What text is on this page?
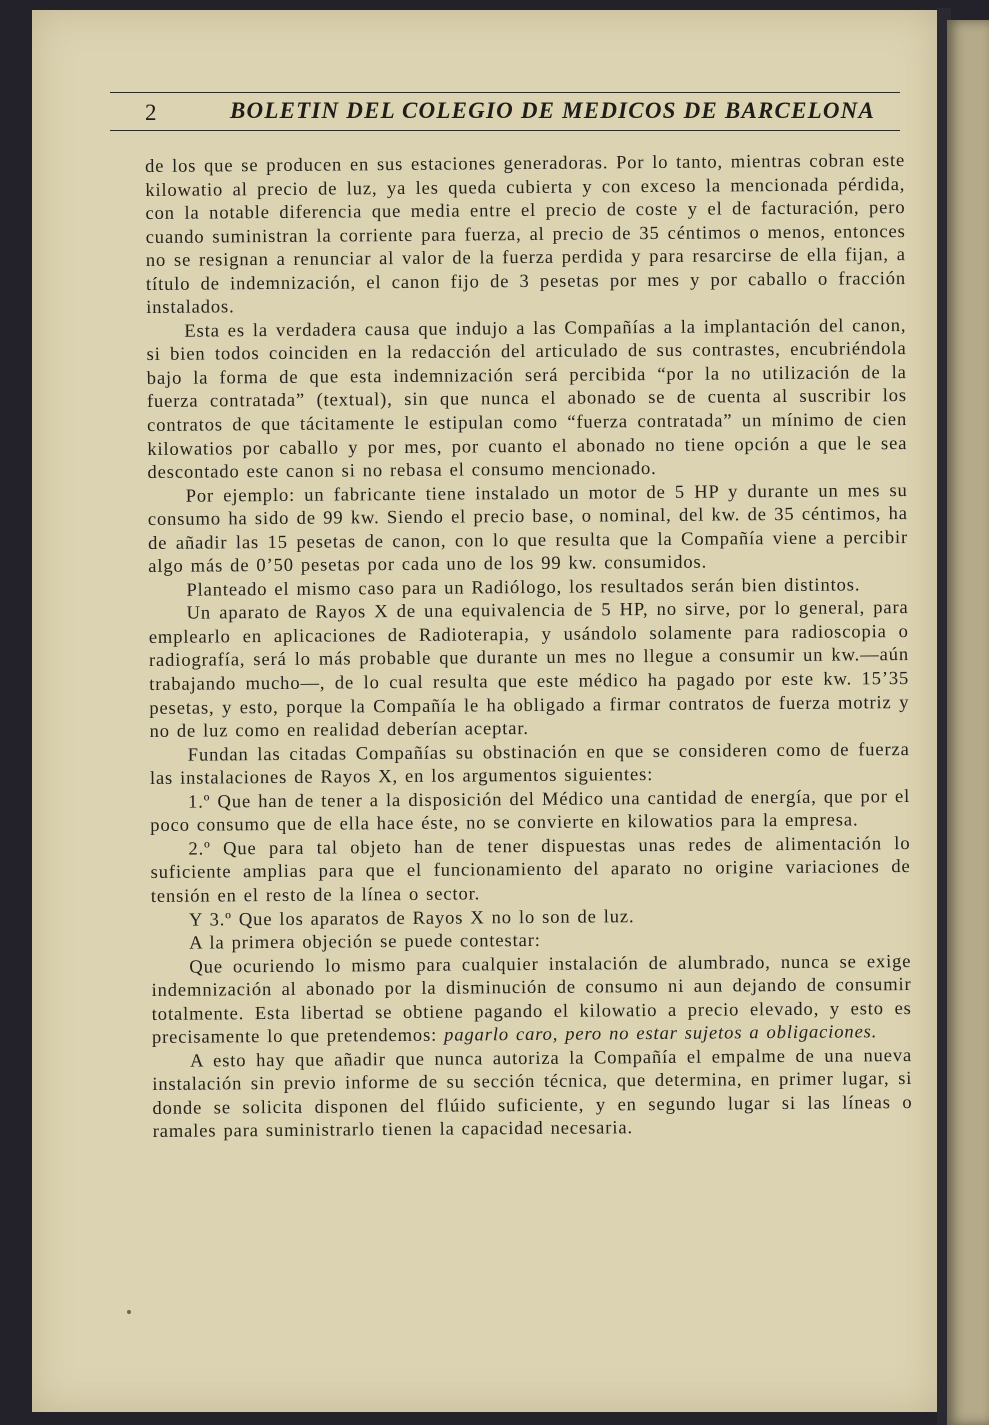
2	BOLETIN DEL COLEGIO DE MEDICOS DE BARCELONA

de los que se producen en sus estaciones generadoras. Por lo tanto, mientras cobran este kilowatio al precio de luz, ya les queda cubierta y con exceso la mencionada pérdida, con la notable diferencia que media entre el precio de coste y el de facturación, pero cuando suministran la corriente para fuerza, al precio de 35 céntimos o menos, entonces no se resignan a renunciar al valor de la fuerza perdida y para resarcirse de ella fijan, a título de indemnización, el canon fijo de 3 pesetas por mes y por caballo o fracción instalados.

Esta es la verdadera causa que indujo a las Compañías a la implantación del canon, si bien todos coinciden en la redacción del articulado de sus contrastes, encubriéndola bajo la forma de que esta indemnización será percibida “por la no utilización de la fuerza contratada” (textual), sin que nunca el abonado se de cuenta al suscribir los contratos de que tácitamente le estipulan como “fuerza contratada” un mínimo de cien kilowatios por caballo y por mes, por cuanto el abonado no tiene opción a que le sea descontado este canon si no rebasa el consumo mencionado.

Por ejemplo: un fabricante tiene instalado un motor de 5 HP y durante un mes su consumo ha sido de 99 kw. Siendo el precio base, o nominal, del kw. de 35 céntimos, ha de añadir las 15 pesetas de canon, con lo que resulta que la Compañía viene a percibir algo más de 0’50 pesetas por cada uno de los 99 kw. consumidos.

Planteado el mismo caso para un Radiólogo, los resultados serán bien distintos.

Un aparato de Rayos X de una equivalencia de 5 HP, no sirve, por lo general, para emplearlo en aplicaciones de Radioterapia, y usándolo solamente para radioscopia o radiografía, será lo más probable que durante un mes no llegue a consumir un kw.—aún trabajando mucho—, de lo cual resulta que este médico ha pagado por este kw. 15’35 pesetas, y esto, porque la Compañía le ha obligado a firmar contratos de fuerza motriz y no de luz como en realidad deberían aceptar.

Fundan las citadas Compañías su obstinación en que se consideren como de fuerza las instalaciones de Rayos X, en los argumentos siguientes:

1.º Que han de tener a la disposición del Médico una cantidad de energía, que por el poco consumo que de ella hace éste, no se convierte en kilowatios para la empresa.

2.º Que para tal objeto han de tener dispuestas unas redes de alimentación lo suficiente amplias para que el funcionamiento del aparato no origine variaciones de tensión en el resto de la línea o sector.

Y 3.º Que los aparatos de Rayos X no lo son de luz.

A la primera objeción se puede contestar:

Que ocuriendo lo mismo para cualquier instalación de alumbrado, nunca se exige indemnización al abonado por la disminución de consumo ni aun dejando de consumir totalmente. Esta libertad se obtiene pagando el kilowatio a precio elevado, y esto es precisamente lo que pretendemos: pagarlo caro, pero no estar sujetos a obligaciones.

A esto hay que añadir que nunca autoriza la Compañía el empalme de una nueva instalación sin previo informe de su sección técnica, que determina, en primer lugar, si donde se solicita disponen del flúido suficiente, y en segundo lugar si las líneas o ramales para suministrarlo tienen la capacidad necesaria.
